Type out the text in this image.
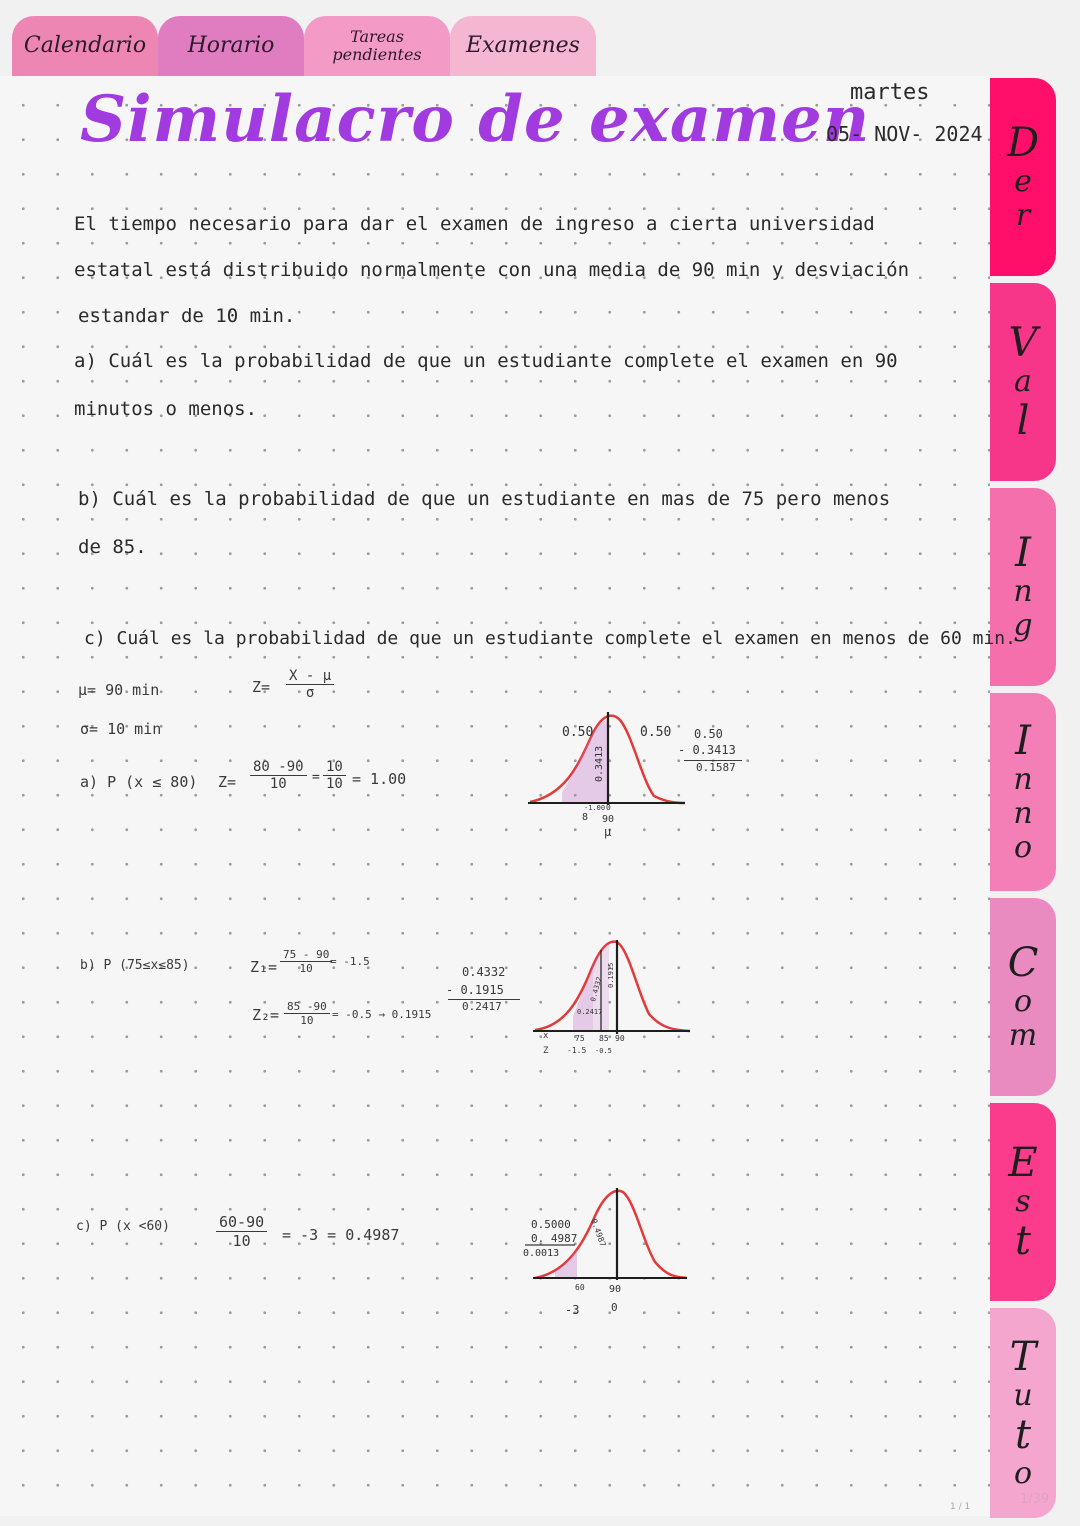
Calendario Horario	Tareas
pendientes Examenes
D
e
r
V
a
l
I
n
g
I
n
n
o
C
o
m
E
s
t
T
u
t
o
Simulacro de examen
martes
05- NOV- 2024
El tiempo necesario para dar el examen de ingreso a cierta universidad
estatal está distribuido normalmente con una media de 90 min y desviación
estandar de 10 min.
a) Cuál es la probabilidad de que un estudiante complete el examen en 90
minutos o menos.
b) Cuál es la probabilidad de que un estudiante en mas de 75 pero menos
de 85.
c) Cuál es la probabilidad de que un estudiante complete el examen en menos de 60 min.
μ= 90 min
σ= 10 min
$Z= \frac{X - \mu}{\sigma}$
a) P (x ≤ 80) $Z= \frac{80 -90}{10} = \frac{10}{10} = 1.00$
0.50	0.50
0.3413
-1.00 0
8 90
μ
0.50
- 0.3413
0.1587
b) P (75≤x≤85)	$Z_1= \frac{75 - 90}{10}$
= -1.5
$Z_2= \frac{85 -90}{10} = -0.5 \to 0.1915$
0.4332
- 0.1915
0.2417
0.4332
0.1915
0.2417
x	75 85 90
Z -1.5 -0.5
c) P (x <60)	$\frac{60-90}{10} = -3 = 0.4987$
0.5000
0. 4987
0.0013
0.4987
60 90
-3	0
1 / 1	1/39
